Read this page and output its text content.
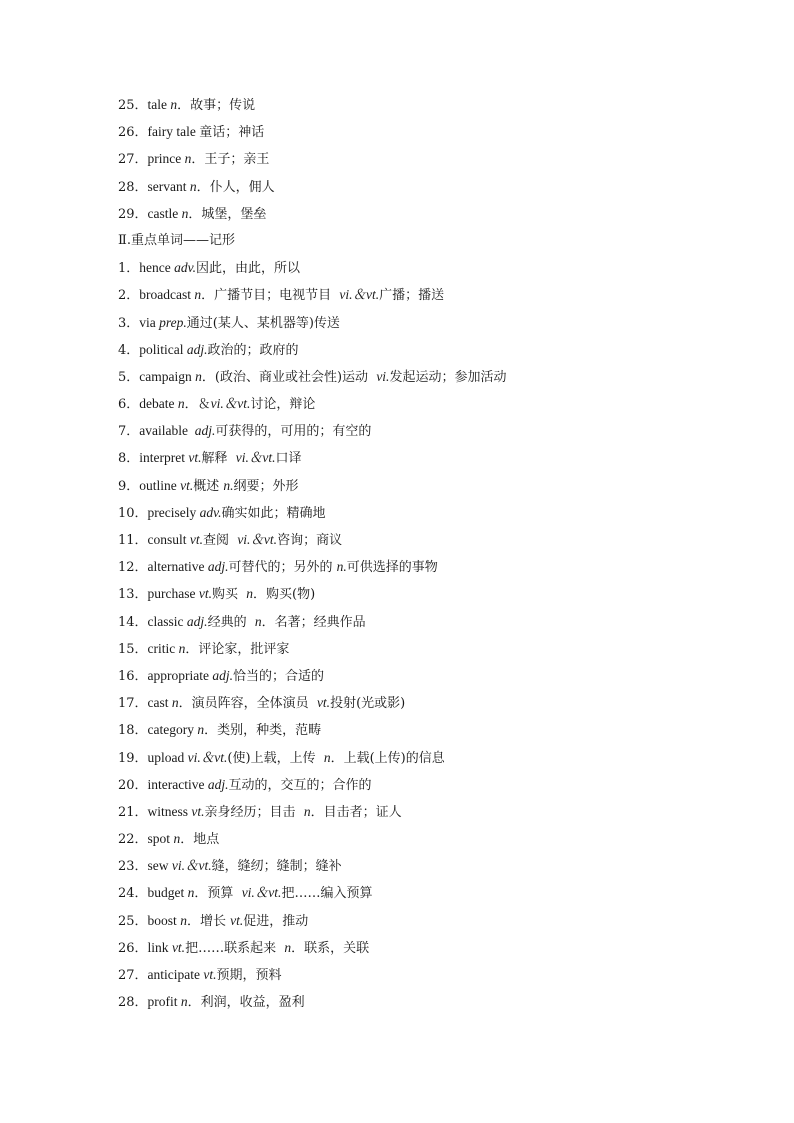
25．tale n．故事；传说
26．fairy tale 童话；神话
27．prince n．王子；亲王
28．servant n．仆人，佣人
29．castle n．城堡，堡垒
Ⅱ.重点单词——记形
1．hence adv.因此，由此，所以
2．broadcast n．广播节目；电视节目  vi.＆vt.广播；播送
3．via prep.通过(某人、某机器等)传送
4．political adj.政治的；政府的
5．campaign n．(政治、商业或社会性)运动  vi.发起运动；参加活动
6．debate n．＆vi.＆vt.讨论，辩论
7．available  adj.可获得的，可用的；有空的
8．interpret vt.解释  vi.＆vt.口译
9．outline vt.概述 n.纲要；外形
10．precisely adv.确实如此；精确地
11．consult vt.查阅  vi.＆vt.咨询；商议
12．alternative adj.可替代的；另外的 n.可供选择的事物
13．purchase vt.购买  n．购买(物)
14．classic adj.经典的  n．名著；经典作品
15．critic n．评论家，批评家
16．appropriate adj.恰当的；合适的
17．cast n．演员阵容，全体演员  vt.投射(光或影)
18．category n．类别，种类，范畴
19．upload vi.＆vt.(使)上载，上传  n．上载(上传)的信息
20．interactive adj.互动的，交互的；合作的
21．witness vt.亲身经历；目击  n．目击者；证人
22．spot n．地点
23．sew vi.＆vt.缝，缝纫；缝制；缝补
24．budget n．预算  vi.＆vt.把……编入预算
25．boost n．增长 vt.促进，推动
26．link vt.把……联系起来  n．联系，关联
27．anticipate vt.预期，预料
28．profit n．利润，收益，盈利
